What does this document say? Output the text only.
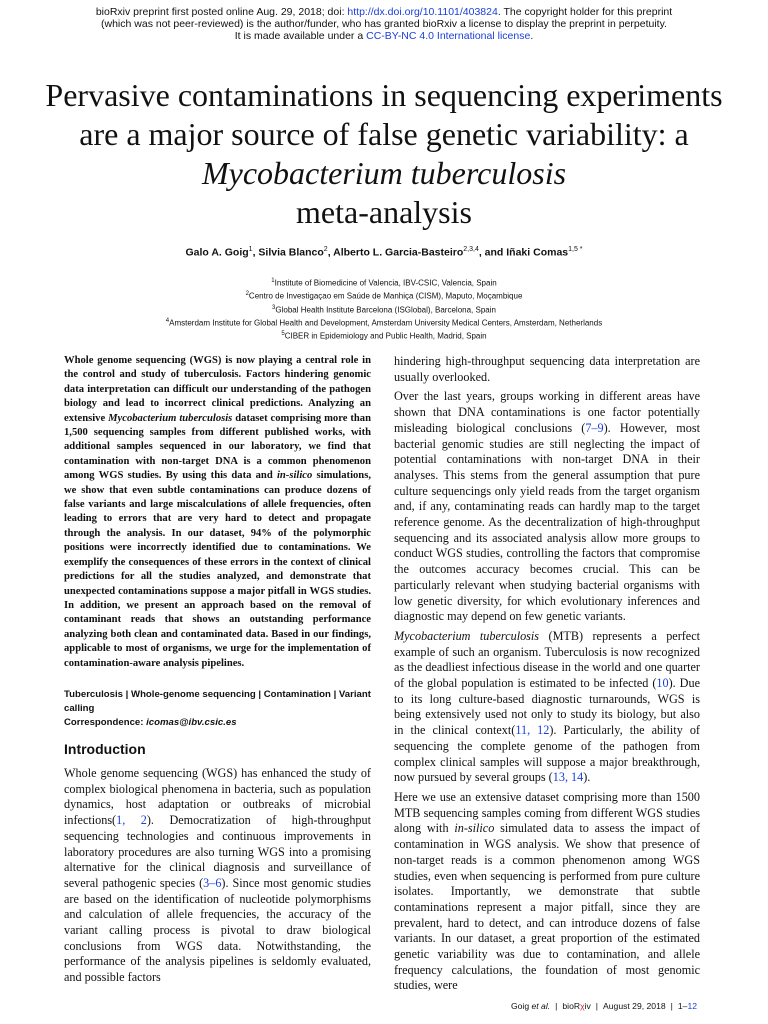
bioRxiv preprint first posted online Aug. 29, 2018; doi: http://dx.doi.org/10.1101/403824. The copyright holder for this preprint
(which was not peer-reviewed) is the author/funder, who has granted bioRxiv a license to display the preprint in perpetuity.
It is made available under a CC-BY-NC 4.0 International license.
Pervasive contaminations in sequencing experiments are a major source of false genetic variability: a Mycobacterium tuberculosis
meta-analysis
Galo A. Goig$^1$, Silvia Blanco$^2$, Alberto L. Garcia-Basteiro$^{2,3,4}$, and Iñaki Comas$^{1,5 *}$
$^1$Institute of Biomedicine of Valencia, IBV-CSIC, Valencia, Spain
$^2$Centro de Investigaçao em Saúde de Manhiça (CISM), Maputo, Moçambique
$^3$Global Health Institute Barcelona (ISGlobal), Barcelona, Spain
$^4$Amsterdam Institute for Global Health and Development, Amsterdam University Medical Centers, Amsterdam, Netherlands
$^5$CIBER in Epidemiology and Public Health, Madrid, Spain
Whole genome sequencing (WGS) is now playing a central role in the control and study of tuberculosis. Factors hindering genomic data interpretation can difficult our understanding of the pathogen biology and lead to incorrect clinical predictions. Analyzing an extensive Mycobacterium tuberculosis dataset comprising more than 1,500 sequencing samples from different published works, with additional samples sequenced in our laboratory, we find that contamination with non-target DNA is a common phenomenon among WGS studies. By using this data and in-silico simulations, we show that even subtle contaminations can produce dozens of false variants and large miscalculations of allele frequencies, often leading to errors that are very hard to detect and propagate through the analysis. In our dataset, 94% of the polymorphic positions were incorrectly identified due to contaminations. We exemplify the consequences of these errors in the context of clinical predictions for all the studies analyzed, and demonstrate that unexpected contaminations suppose a major pitfall in WGS studies. In addition, we present an approach based on the removal of contaminant reads that shows an outstanding performance analyzing both clean and contaminated data. Based in our findings, applicable to most of organisms, we urge for the implementation of contamination-aware analysis pipelines.
Tuberculosis | Whole-genome sequencing | Contamination | Variant calling
Correspondence: icomas@ibv.csic.es
Introduction

Whole genome sequencing (WGS) has enhanced the study of complex biological phenomena in bacteria, such as population dynamics, host adaptation or outbreaks of microbial infections(1, 2). Democratization of high-throughput sequencing technologies and continuous improvements in laboratory procedures are also turning WGS into a promising alternative for the clinical diagnosis and surveillance of several pathogenic species (3–6). Since most genomic studies are based on the identification of nucleotide polymorphisms and calculation of allele frequencies, the accuracy of the variant calling process is pivotal to draw biological conclusions from WGS data. Notwithstanding, the performance of the analysis pipelines is seldomly evaluated, and possible factors

hindering high-throughput sequencing data interpretation are usually overlooked.

Over the last years, groups working in different areas have shown that DNA contaminations is one factor potentially misleading biological conclusions (7–9). However, most bacterial genomic studies are still neglecting the impact of potential contaminations with non-target DNA in their analyses. This stems from the general assumption that pure culture sequencings only yield reads from the target organism and, if any, contaminating reads can hardly map to the target reference genome. As the decentralization of high-throughput sequencing and its associated analysis allow more groups to conduct WGS studies, controlling the factors that compromise the outcomes accuracy becomes crucial. This can be particularly relevant when studying bacterial organisms with low genetic diversity, for which evolutionary inferences and diagnostic may depend on few genetic variants.

Mycobacterium tuberculosis (MTB) represents a perfect example of such an organism. Tuberculosis is now recognized as the deadliest infectious disease in the world and one quarter of the global population is estimated to be infected (10). Due to its long culture-based diagnostic turnarounds, WGS is being extensively used not only to study its biology, but also in the clinical context(11, 12). Particularly, the ability of sequencing the complete genome of the pathogen from complex clinical samples will suppose a major breakthrough, now pursued by several groups (13, 14).

Here we use an extensive dataset comprising more than 1500 MTB sequencing samples coming from different WGS studies along with in-silico simulated data to assess the impact of contamination in WGS analysis. We show that presence of non-target reads is a common phenomenon among WGS studies, even when sequencing is performed from pure culture isolates. Importantly, we demonstrate that subtle contaminations represent a major pitfall, since they are prevalent, hard to detect, and can introduce dozens of false variants. In our dataset, a great proportion of the estimated genetic variability was due to contamination, and allele frequency calculations, the foundation of most genomic studies, were

Goig et al. | bioRχiv | August 29, 2018 | 1–12
